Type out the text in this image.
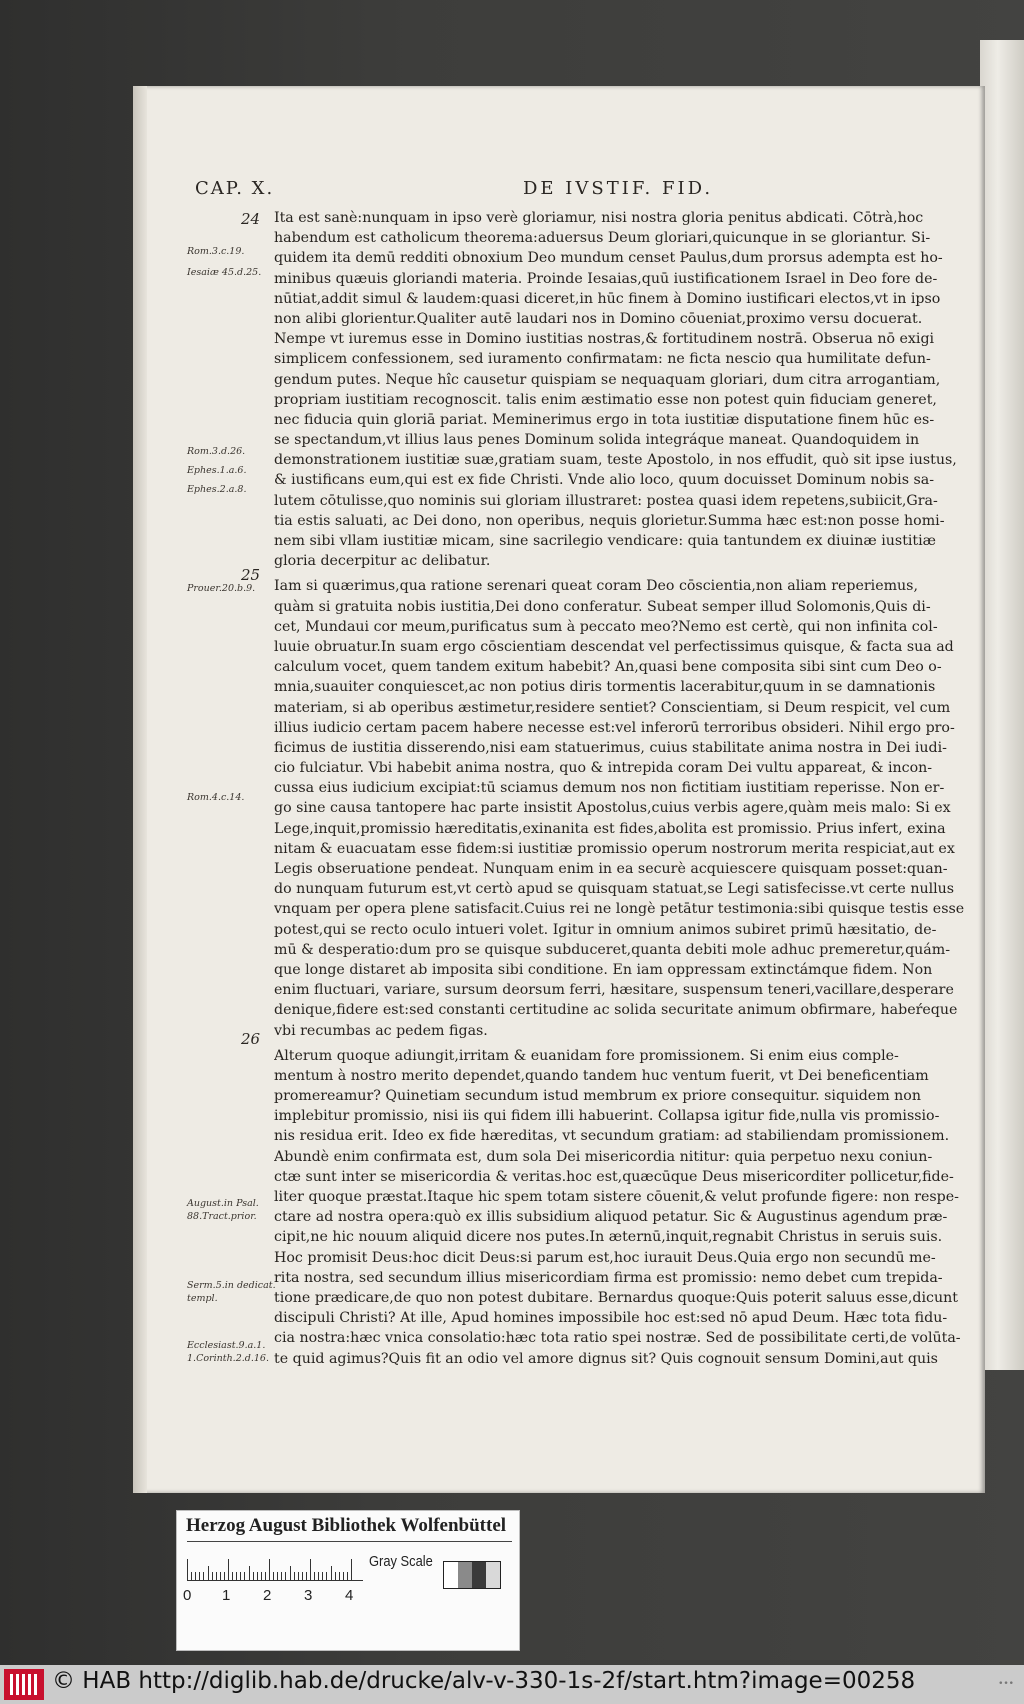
CAP. X.	DE IVSTIF. FID.
24
25
26
Rom.3.c.19.
Iesaiæ 45.d.25.
Rom.3.d.26.
Ephes.1.a.6.
Ephes.2.a.8.
Prouer.20.b.9.
Rom.4.c.14.
August.in Psal.
88.Tract.prior.
Serm.5.in dedicat.
templ.
Ecclesiast.9.a.1.
1.Corinth.2.d.16.
Ita est sanè:nunquam in ipso verè gloriamur, nisi nostra gloria penitus abdicati. Cōtrà,hoc
habendum est catholicum theorema:aduersus Deum gloriari,quicunque in se gloriantur. Si-
quidem ita demū redditi obnoxium Deo mundum censet Paulus,dum prorsus adempta est ho-
minibus quæuis gloriandi materia. Proinde Iesaias,quū iustificationem Israel in Deo fore de-
nūtiat,addit simul & laudem:quasi diceret,in hūc finem à Domino iustificari electos,vt in ipso
non alibi glorientur.Qualiter autē laudari nos in Domino cōueniat,proximo versu docuerat.
Nempe vt iuremus esse in Domino iustitias nostras,& fortitudinem nostrā. Obserua nō exigi
simplicem confessionem, sed iuramento confirmatam: ne ficta nescio qua humilitate defun-
gendum putes. Neque hîc causetur quispiam se nequaquam gloriari, dum citra arrogantiam,
propriam iustitiam recognoscit. talis enim æstimatio esse non potest quin fiduciam generet,
nec fiducia quin gloriā pariat. Meminerimus ergo in tota iustitiæ disputatione finem hūc es-
se spectandum,vt illius laus penes Dominum solida integráque maneat. Quandoquidem in
demonstrationem iustitiæ suæ,gratiam suam, teste Apostolo, in nos effudit, quò sit ipse iustus,
& iustificans eum,qui est ex fide Christi. Vnde alio loco, quum docuisset Dominum nobis sa-
lutem cōtulisse,quo nominis sui gloriam illustraret: postea quasi idem repetens,subiicit,Gra-
tia estis saluati, ac Dei dono, non operibus, nequis glorietur.Summa hæc est:non posse homi-
nem sibi vllam iustitiæ micam, sine sacrilegio vendicare: quia tantundem ex diuinæ iustitiæ
gloria decerpitur ac delibatur.
Iam si quærimus,qua ratione serenari queat coram Deo cōscientia,non aliam reperiemus,
quàm si gratuita nobis iustitia,Dei dono conferatur. Subeat semper illud Solomonis,Quis di-
cet, Mundaui cor meum,purificatus sum à peccato meo?Nemo est certè, qui non infinita col-
luuie obruatur.In suam ergo cōscientiam descendat vel perfectissimus quisque, & facta sua ad
calculum vocet, quem tandem exitum habebit? An,quasi bene composita sibi sint cum Deo o-
mnia,suauiter conquiescet,ac non potius diris tormentis lacerabitur,quum in se damnationis
materiam, si ab operibus æstimetur,residere sentiet? Conscientiam, si Deum respicit, vel cum
illius iudicio certam pacem habere necesse est:vel inferorū terroribus obsideri. Nihil ergo pro-
ficimus de iustitia disserendo,nisi eam statuerimus, cuius stabilitate anima nostra in Dei iudi-
cio fulciatur. Vbi habebit anima nostra, quo & intrepida coram Dei vultu appareat, & incon-
cussa eius iudicium excipiat:tū sciamus demum nos non fictitiam iustitiam reperisse. Non er-
go sine causa tantopere hac parte insistit Apostolus,cuius verbis agere,quàm meis malo: Si ex
Lege,inquit,promissio hæreditatis,exinanita est fides,abolita est promissio. Prius infert, exina
nitam & euacuatam esse fidem:si iustitiæ promissio operum nostrorum merita respiciat,aut ex
Legis obseruatione pendeat. Nunquam enim in ea securè acquiescere quisquam posset:quan-
do nunquam futurum est,vt certò apud se quisquam statuat,se Legi satisfecisse.vt certe nullus
vnquam per opera plene satisfacit.Cuius rei ne longè petātur testimonia:sibi quisque testis esse
potest,qui se recto oculo intueri volet. Igitur in omnium animos subiret primū hæsitatio, de-
mū & desperatio:dum pro se quisque subduceret,quanta debiti mole adhuc premeretur,quám-
que longe distaret ab imposita sibi conditione. En iam oppressam extinctámque fidem. Non
enim fluctuari, variare, sursum deorsum ferri, hæsitare, suspensum teneri,vacillare,desperare
denique,fidere est:sed constanti certitudine ac solida securitate animum obfirmare, habeŕeque
vbi recumbas ac pedem figas.
Alterum quoque adiungit,irritam & euanidam fore promissionem. Si enim eius comple-
mentum à nostro merito dependet,quando tandem huc ventum fuerit, vt Dei beneficentiam
promereamur? Quinetiam secundum istud membrum ex priore consequitur. siquidem non
implebitur promissio, nisi iis qui fidem illi habuerint. Collapsa igitur fide,nulla vis promissio-
nis residua erit. Ideo ex fide hæreditas, vt secundum gratiam: ad stabiliendam promissionem.
Abundè enim confirmata est, dum sola Dei misericordia nititur: quia perpetuo nexu coniun-
ctæ sunt inter se misericordia & veritas.hoc est,quæcūque Deus misericorditer pollicetur,fide-
liter quoque præstat.Itaque hic spem totam sistere cōuenit,& velut profunde figere: non respe-
ctare ad nostra opera:quò ex illis subsidium aliquod petatur. Sic & Augustinus agendum præ-
cipit,ne hic nouum aliquid dicere nos putes.In æternū,inquit,regnabit Christus in seruis suis.
Hoc promisit Deus:hoc dicit Deus:si parum est,hoc iurauit Deus.Quia ergo non secundū me-
rita nostra, sed secundum illius misericordiam firma est promissio: nemo debet cum trepida-
tione prædicare,de quo non potest dubitare. Bernardus quoque:Quis poterit saluus esse,dicunt
discipuli Christi? At ille, Apud homines impossibile hoc est:sed nō apud Deum. Hæc tota fidu-
cia nostra:hæc vnica consolatio:hæc tota ratio spei nostræ. Sed de possibilitate certi,de volūta-
te quid agimus?Quis fit an odio vel amore dignus sit? Quis cognouit sensum Domini,aut quis
Herzog August Bibliothek Wolfenbüttel
0 1 2 3 4
Gray Scale
© HAB http://diglib.hab.de/drucke/alv-v-330-1s-2f/start.htm?image=00258	•••
